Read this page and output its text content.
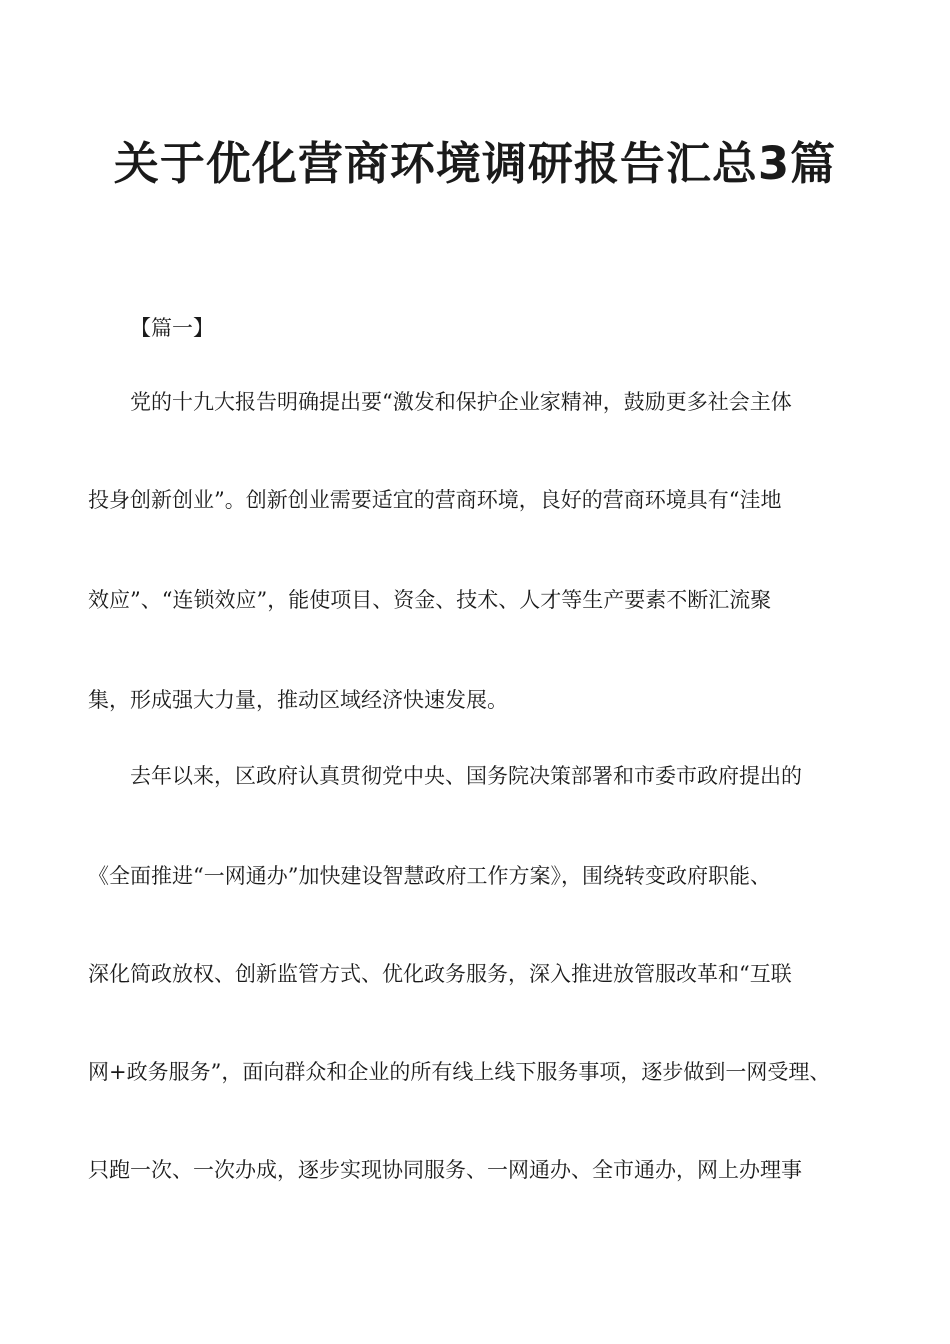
关于优化营商环境调研报告汇总3篇

【篇一】

党的十九大报告明确提出要“激发和保护企业家精神，鼓励更多社会主体

投身创新创业”。创新创业需要适宜的营商环境，良好的营商环境具有“洼地

效应”、“连锁效应”，能使项目、资金、技术、人才等生产要素不断汇流聚

集，形成强大力量，推动区域经济快速发展。

去年以来，区政府认真贯彻党中央、国务院决策部署和市委市政府提出的

《全面推进“一网通办”加快建设智慧政府工作方案》，围绕转变政府职能、

深化简政放权、创新监管方式、优化政务服务，深入推进放管服改革和“互联

网+政务服务”，面向群众和企业的所有线上线下服务事项，逐步做到一网受理、

只跑一次、一次办成，逐步实现协同服务、一网通办、全市通办，网上办理事
